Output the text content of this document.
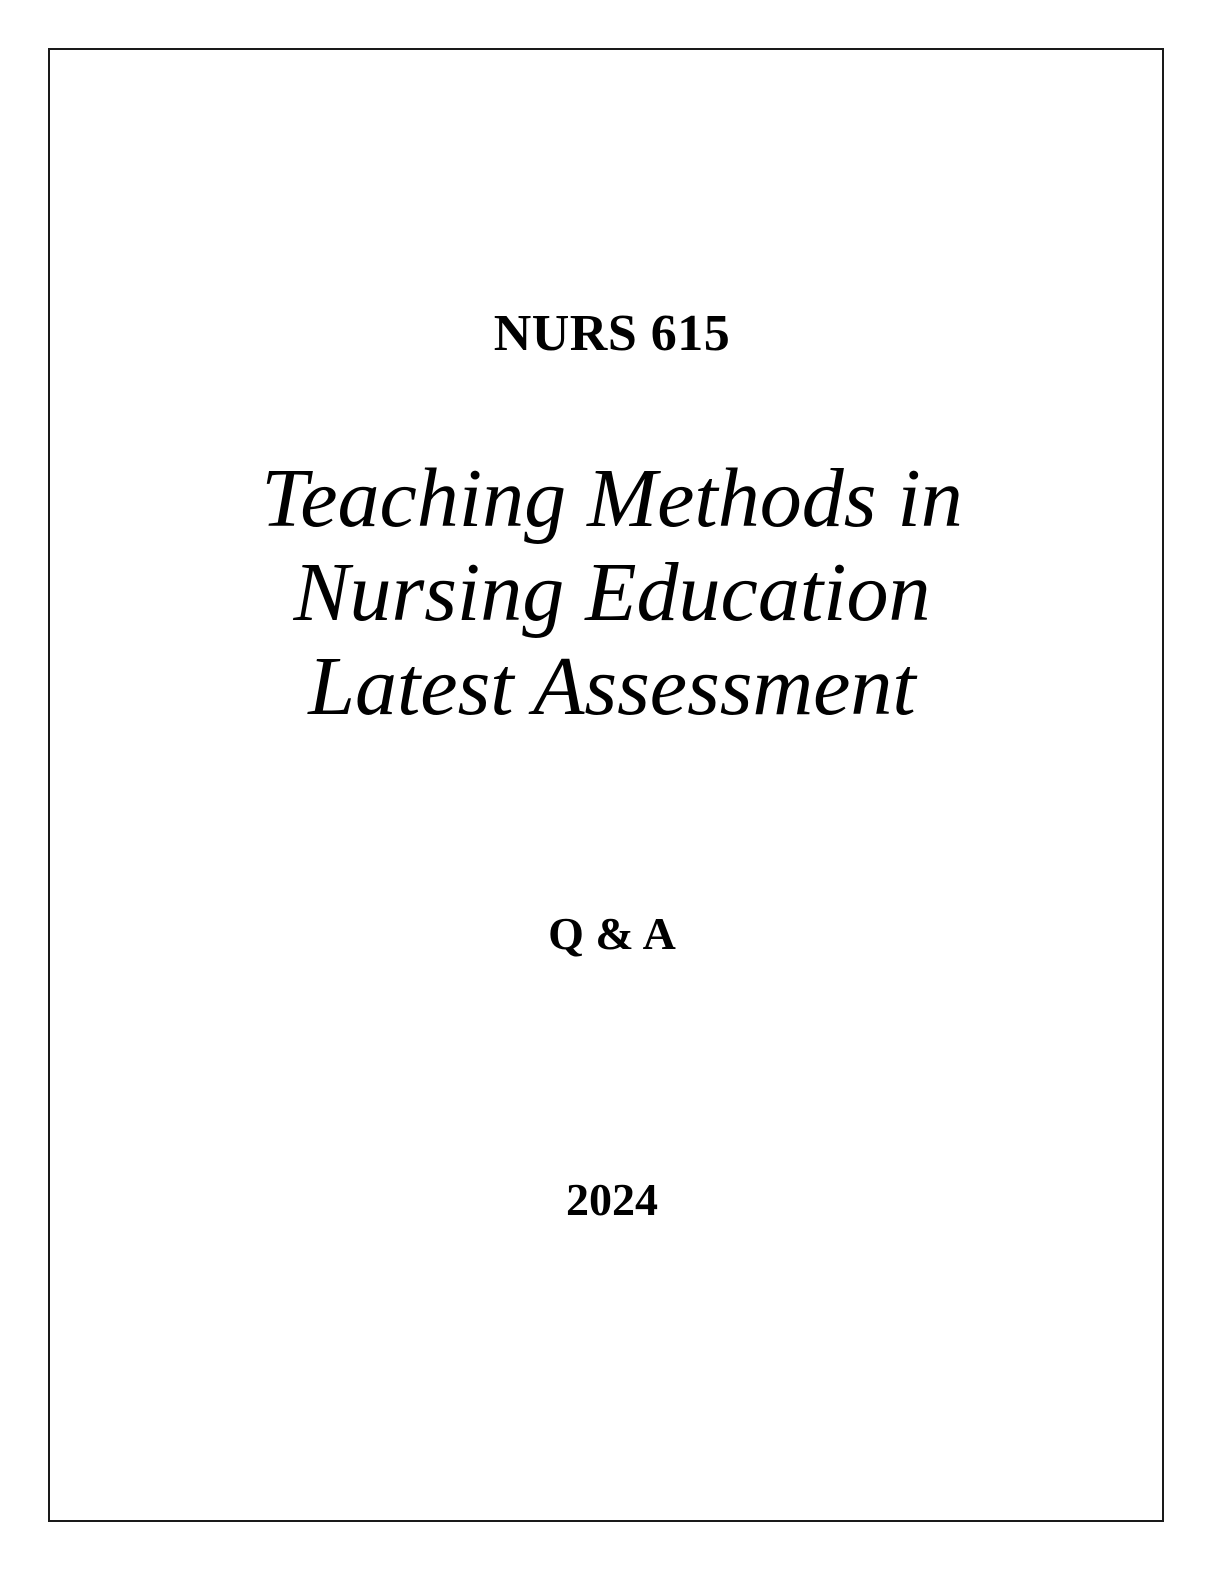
NURS 615
Teaching Methods in
Nursing Education
Latest Assessment
Q & A
2024
